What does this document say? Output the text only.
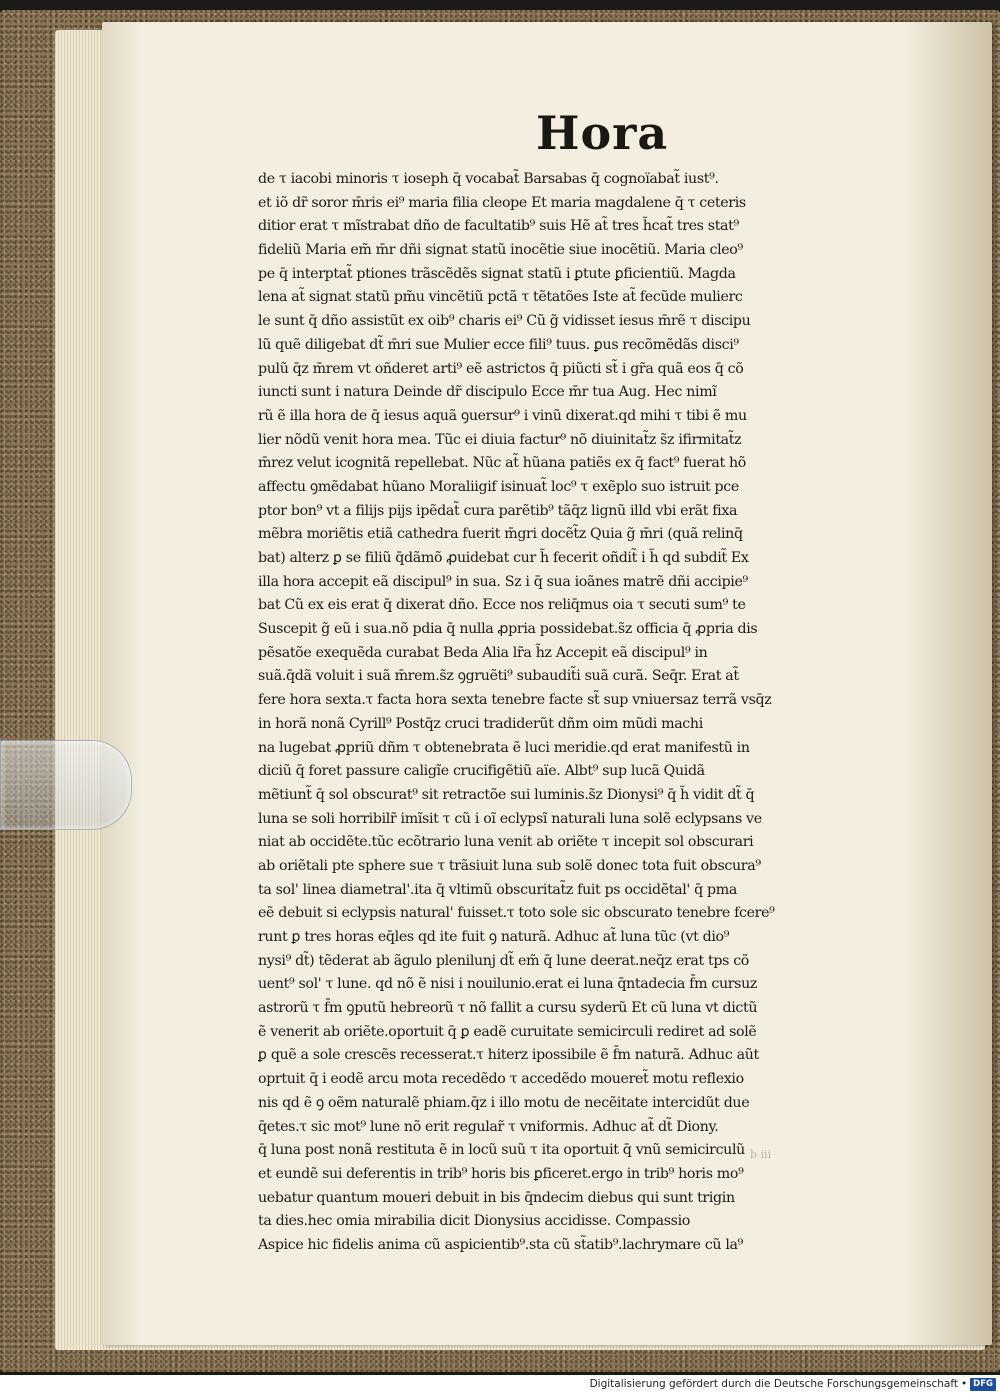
Hora
de τ iacobi minoris τ ioseph q̄ vocabat̃ Barsabas q̄ cognoïabat̃ iust⁹.
et iõ dr̃ soror m̄ris ei⁹ maria filia cleope Et maria magdalene q̄ τ ceteris
ditior erat τ mĩstrabat dño de facultatib⁹ suis Hẽ at̃ tres h̃cat̃ tres stat⁹
fideliũ Maria em̃ m̄r dñi signat statũ inocẽtie siue inocẽtiũ. Maria cleo⁹
pe q̄ interptat̃ ptiones trãscẽdẽs signat statũ i ꝑtute ꝑficientiũ. Magda
lena at̃ signat statũ pm̃u vincẽtiũ pctã τ tẽtatões Iste at̃ fecũde mulierc
le sunt q̄ dño assistũt ex oib⁹ charis ei⁹ Cũ g̃ vidisset iesus m̄rẽ τ discipu
lũ quẽ diligebat dt̃ m̄ri sue Mulier ecce fili⁹ tuus. ꝑus recõmẽdãs disci⁹
pulũ q̄z m̄rem vt oñderet arti⁹ eẽ astrictos q̄ piũcti st̃ i gr̃a quã eos q̄ cõ
iuncti sunt i natura Deinde dr̃ discipulo Ecce m̄r tua Aug. Hec nimĩ
rũ ẽ illa hora de q̄ iesus aquã ꝯuersur⁹ i vinũ dixerat.qd mihi τ tibi ẽ mu
lier nõdũ venit hora mea. Tũc ei diuia factur⁹ nõ diuinitat̃z s̃z ifirmitat̃z
m̄rez velut icognitã repellebat. Nũc at̃ hũana patiẽs ex q̄ fact⁹ fuerat hõ
affectu ꝯmẽdabat hũano Moraliigif isinuat̃ loc⁹ τ exẽplo suo istruit pce
ptor bon⁹ vt a filijs pijs ipẽdat̃ cura parẽtib⁹ tãq̄z lignũ illd vbi erãt fixa
mẽbra moriẽtis etiã cathedra fuerit m̄gri docẽt̃z Quia g̃ m̄ri (quã relinq̄
bat) alterz ꝑ se filiũ q̄dãmõ ꝓuidebat cur h̃ fecerit oñdit̃ i h̃ qd subdit̃ Ex
illa hora accepit eã discipul⁹ in sua. Sz i q̄ sua ioãnes matrẽ dñi accipie⁹
bat Cũ ex eis erat q̄ dixerat dño. Ecce nos reliq̄mus oia τ secuti sum⁹ te
Suscepit g̃ eũ i sua.nõ pdia q̄ nulla ꝓpria possidebat.s̃z officia q̄ ꝓpria dis
pẽsatõe exequẽda curabat Beda Alia lr̃a h̃z Accepit eã discipul⁹ in
suã.q̄dã voluit i suã m̄rem.s̃z ꝯgruẽti⁹ subaudit̃i suã curã. Seq̄r. Erat at̃
fere hora sexta.τ facta hora sexta tenebre facte st̃ sup vniuersaz terrã vsq̄z
in horã nonã Cyrill⁹ Postq̄z cruci tradiderũt dñm oim mũdi machi
na lugebat ꝓpriũ dñm τ obtenebrata ẽ luci meridie.qd erat manifestũ in
diciũ q̄ foret passure caligĩe crucifigẽtiũ aïe. Albt⁹ sup lucã Quidã
mẽtiunt̃ q̄ sol obscurat⁹ sit retractõe sui luminis.s̃z Dionysi⁹ q̄ h̃ vidit dt̃ q̄
luna se soli horribilr̃ imĩsit τ cũ i oĩ eclypsĩ naturali luna solẽ eclypsans ve
niat ab occidẽte.tũc ecõtrario luna venit ab oriẽte τ incepit sol obscurari
ab oriẽtali pte sphere sue τ trãsiuit luna sub solẽ donec tota fuit obscura⁹
ta sol' linea diametral'.ita q̄ vltimũ obscuritat̃z fuit ps occidẽtal' q̄ pma
eẽ debuit si eclypsis natural' fuisset.τ toto sole sic obscurato tenebre fcere⁹
runt ꝑ tres horas eq̄les qd ite fuit ꝯ naturã. Adhuc at̃ luna tũc (vt dio⁹
nysi⁹ dt̃) tẽderat ab ãgulo plenilunj dt̃ em̃ q̄ lune deerat.neq̄z erat tps cõ
uent⁹ sol' τ lune. qd nõ ẽ nisi i nouilunio.erat ei luna q̄ntadecia f̄m cursuz
astrorũ τ f̄m ꝯputũ hebreorũ τ nõ fallit a cursu syderũ Et cũ luna vt dictũ
ẽ venerit ab oriẽte.oportuit q̄ ꝑ eadẽ curuitate semicirculi rediret ad solẽ
ꝑ quẽ a sole crescẽs recesserat.τ hiterz ipossibile ẽ f̄m naturã. Adhuc aũt
oprtuit q̄ i eodẽ arcu mota recedẽdo τ accedẽdo moueret̃ motu reflexio
nis qd ẽ ꝯ oẽm naturalẽ phiam.q̄z i illo motu de necẽitate intercidũt due
q̄etes.τ sic mot⁹ lune nõ erit regular̃ τ vniformis. Adhuc at̃ dt̃ Diony.
q̄ luna post nonã restituta ẽ in locũ suũ τ ita oportuit q̄ vnũ semicirculũ
et eundẽ sui deferentis in trib⁹ horis bis ꝑficeret.ergo in trib⁹ horis mo⁹
uebatur quantum moueri debuit in bis q̄ndecim diebus qui sunt trigin
ta dies.hec omia mirabilia dicit Dionysius accidisse. Compassio
Aspice hic fidelis anima cũ aspicientib⁹.sta cũ st̃atib⁹.lachrymare cũ la⁹
b iii
Digitalisierung gefördert durch die Deutsche Forschungsgemeinschaft • DFG
